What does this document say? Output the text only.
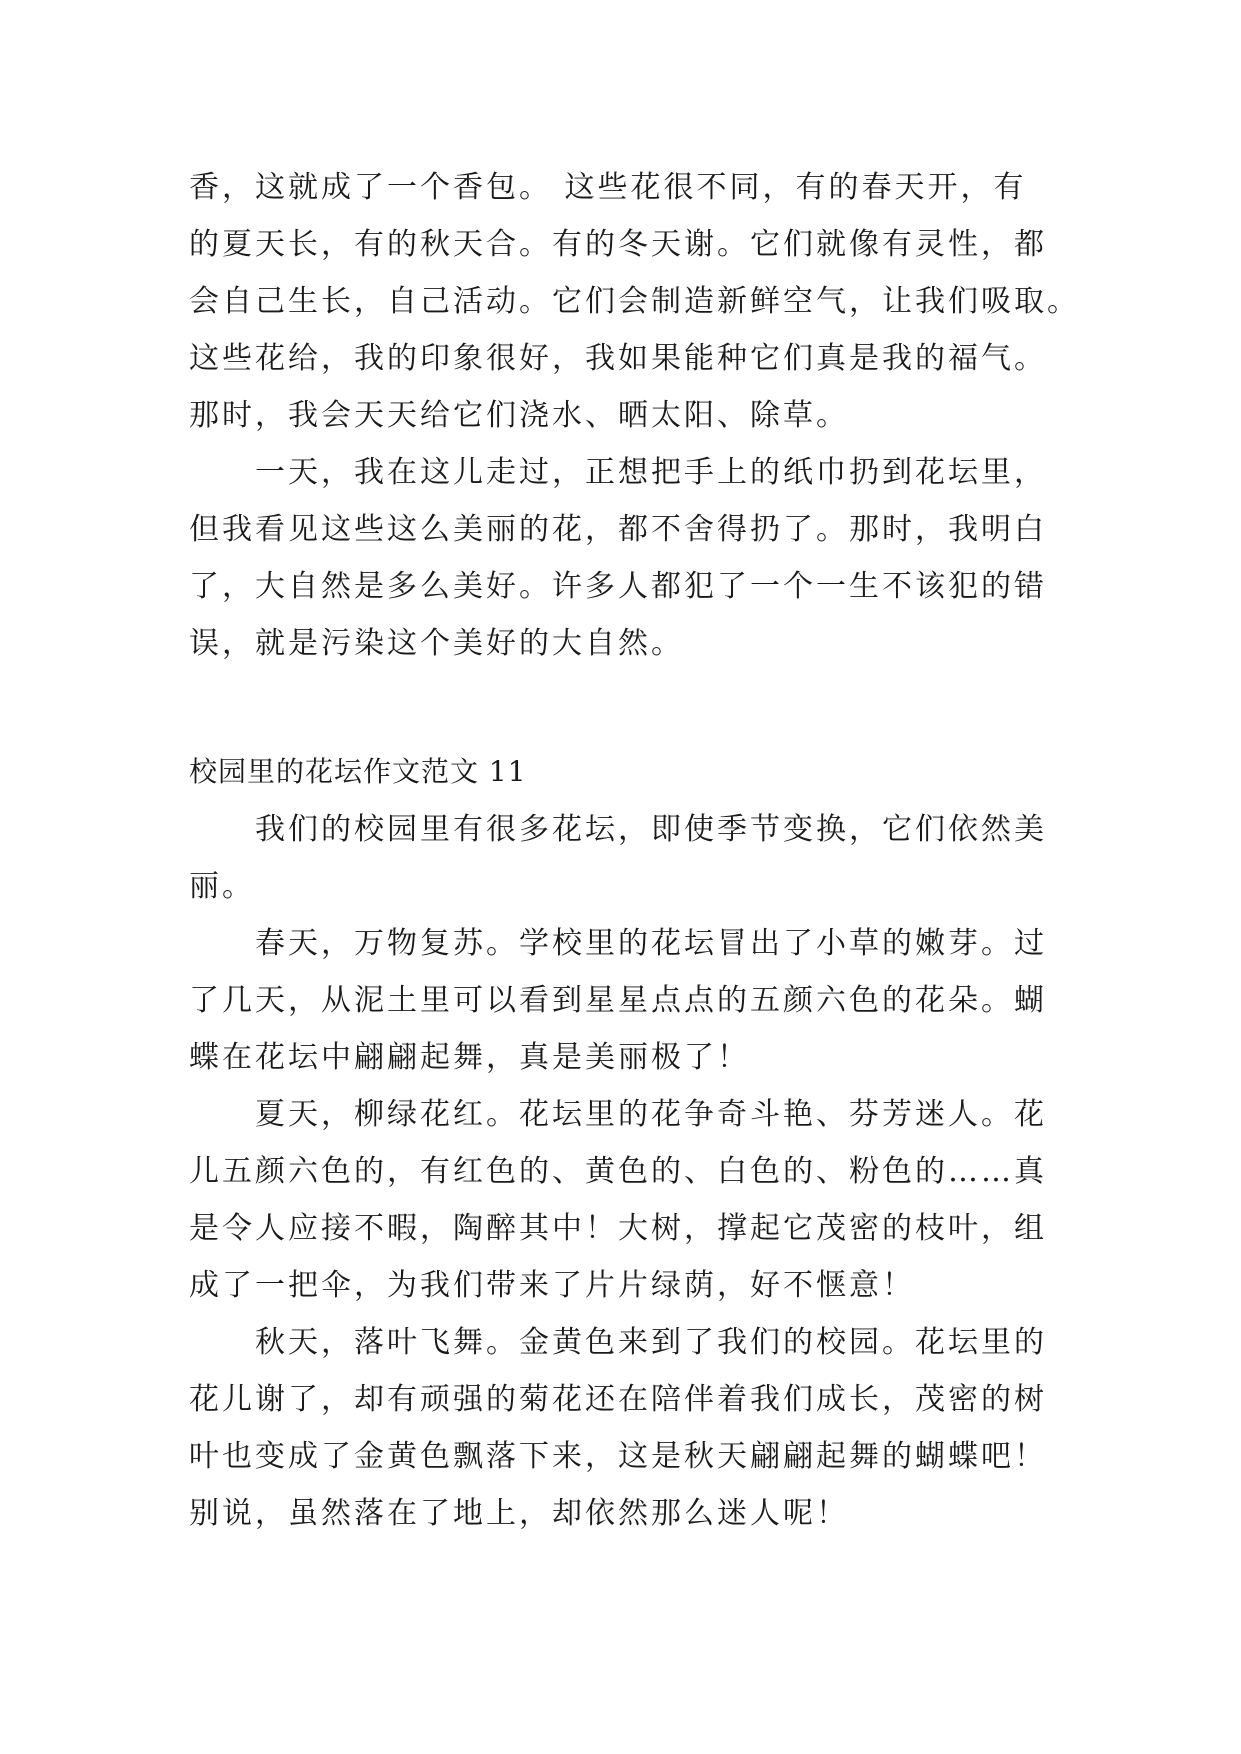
香，这就成了一个香包。 这些花很不同，有的春天开，有
的夏天长，有的秋天合。有的冬天谢。它们就像有灵性，都
会自己生长，自己活动。它们会制造新鲜空气，让我们吸取。
这些花给，我的印象很好，我如果能种它们真是我的福气。
那时，我会天天给它们浇水、晒太阳、除草。
　　一天，我在这儿走过，正想把手上的纸巾扔到花坛里，
但我看见这些这么美丽的花，都不舍得扔了。那时，我明白
了，大自然是多么美好。许多人都犯了一个一生不该犯的错
误，就是污染这个美好的大自然。
校园里的花坛作文范文 11
　　我们的校园里有很多花坛，即使季节变换，它们依然美
丽。
　　春天，万物复苏。学校里的花坛冒出了小草的嫩芽。过
了几天，从泥土里可以看到星星点点的五颜六色的花朵。蝴
蝶在花坛中翩翩起舞，真是美丽极了！
　　夏天，柳绿花红。花坛里的花争奇斗艳、芬芳迷人。花
儿五颜六色的，有红色的、黄色的、白色的、粉色的……真
是令人应接不暇，陶醉其中！大树，撑起它茂密的枝叶，组
成了一把伞，为我们带来了片片绿荫，好不惬意！
　　秋天，落叶飞舞。金黄色来到了我们的校园。花坛里的
花儿谢了，却有顽强的菊花还在陪伴着我们成长，茂密的树
叶也变成了金黄色飘落下来，这是秋天翩翩起舞的蝴蝶吧！
别说，虽然落在了地上，却依然那么迷人呢！
